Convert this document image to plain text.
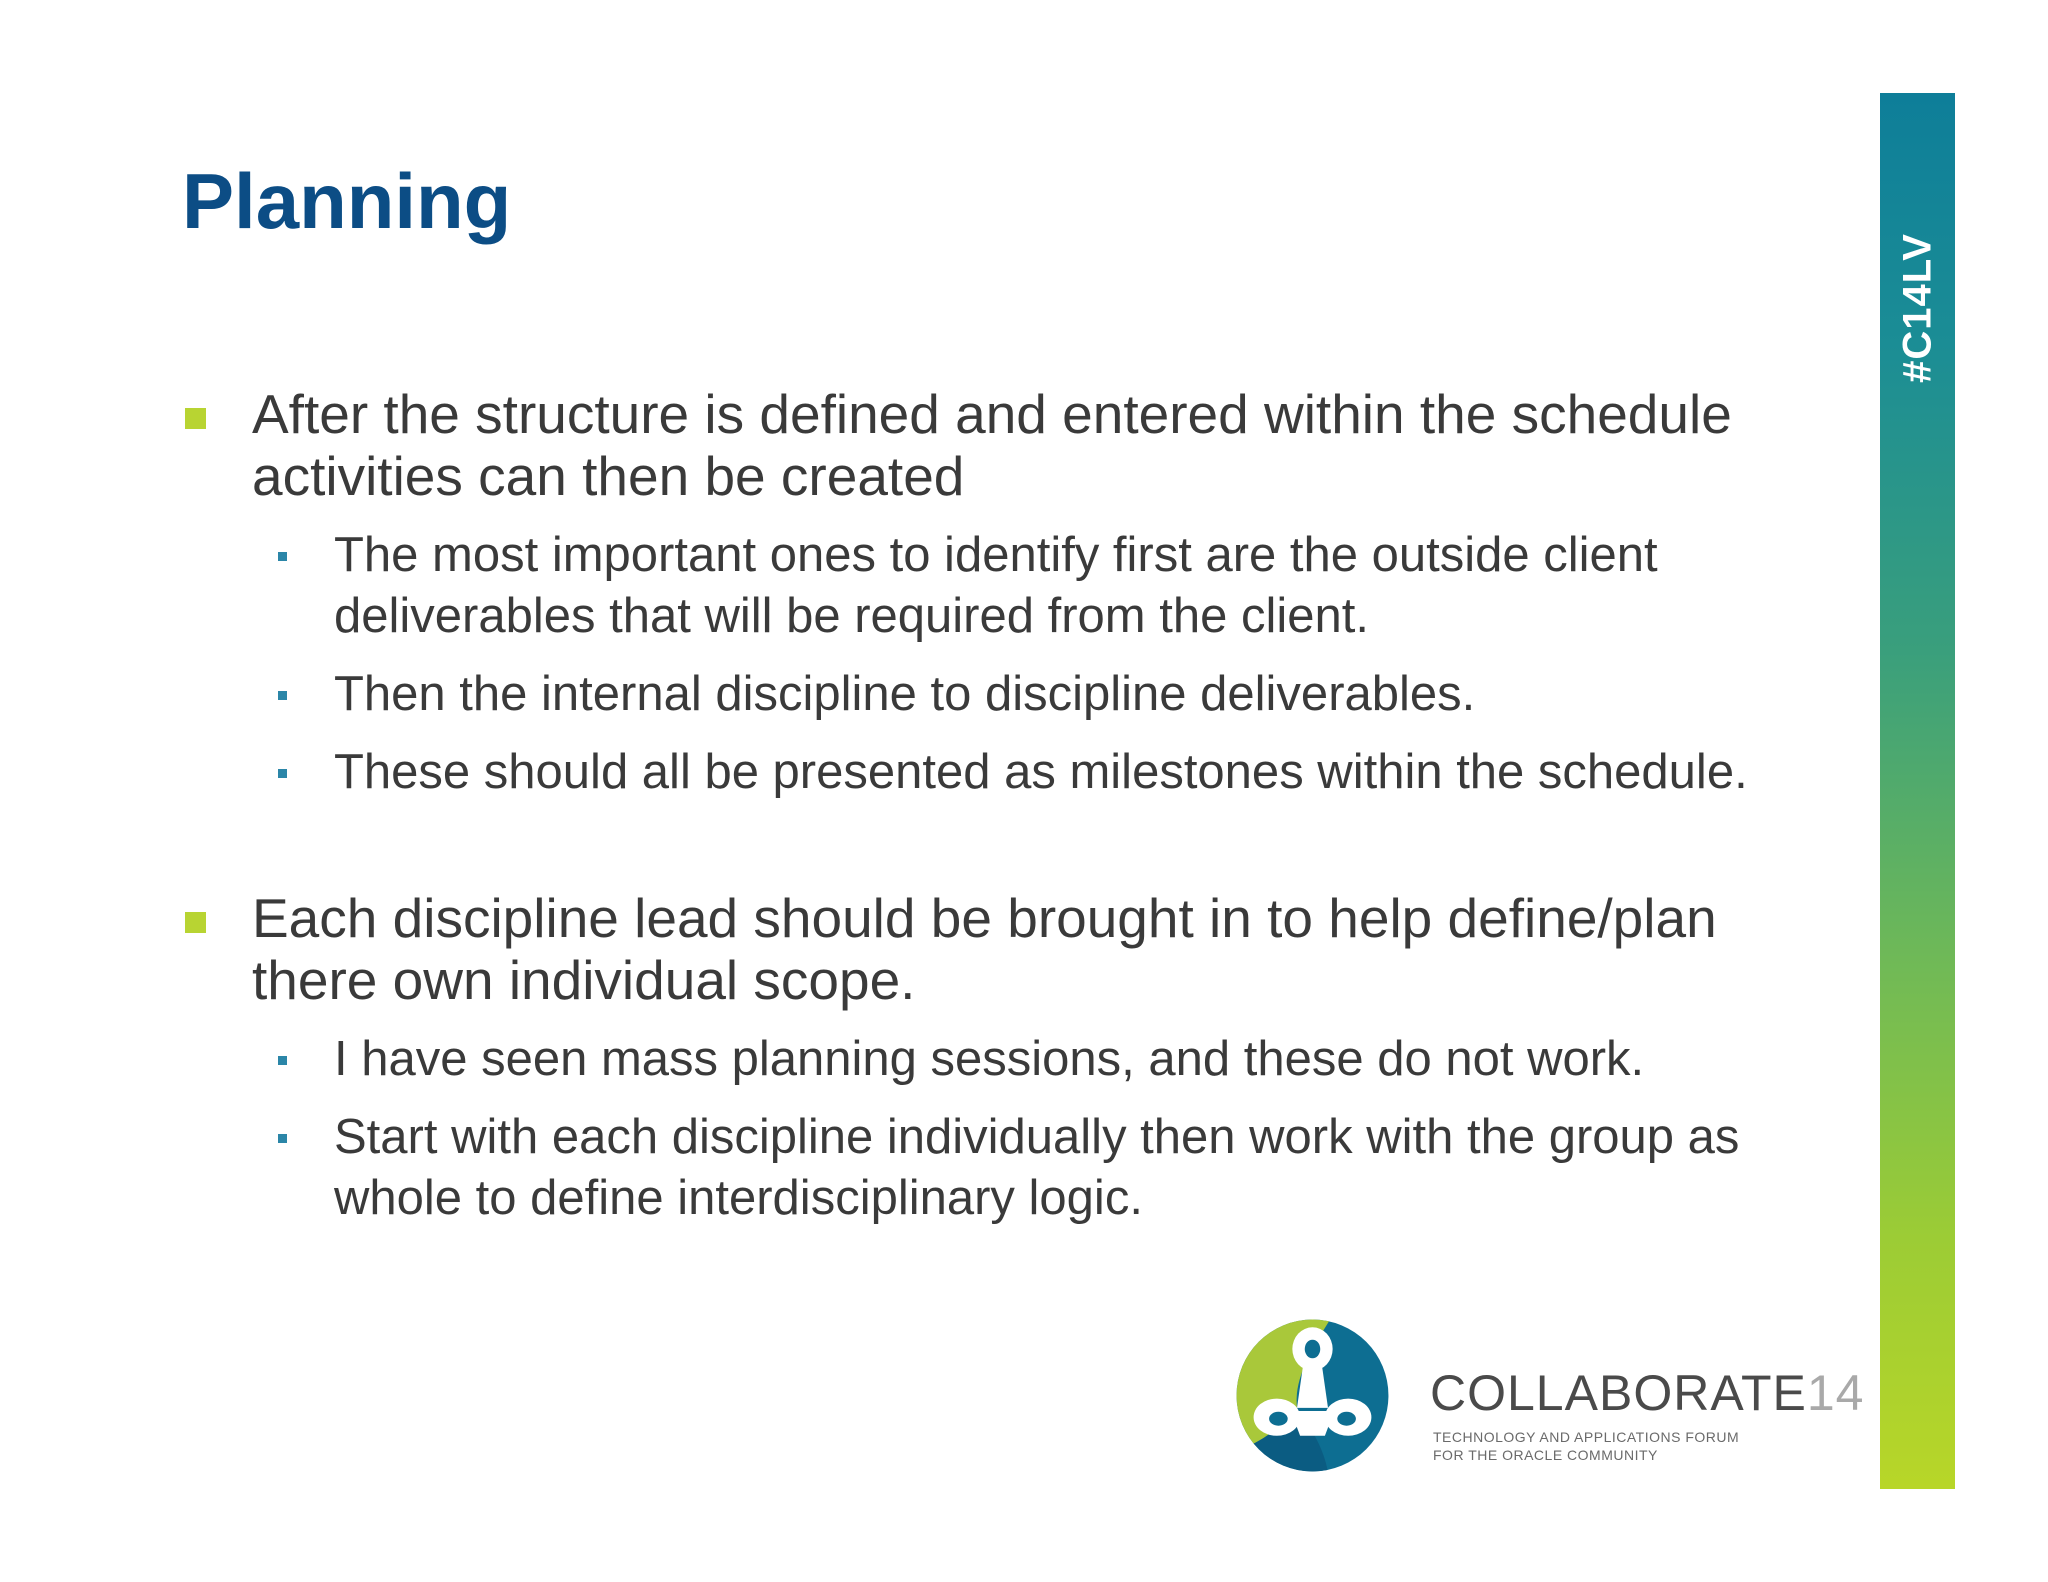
Planning
After the structure is defined and entered within the schedule activities can then be created
The most important ones to identify first are the outside client deliverables that will be required from the client.
Then the internal discipline to discipline deliverables.
These should all be presented as milestones within the schedule.
Each discipline lead should be brought in to help define/plan there own individual scope.
I have seen mass planning sessions, and these do not work.
Start with each discipline individually then work with the group as whole to define interdisciplinary logic.
#C14LV
13
COLLABORATE14
TECHNOLOGY AND APPLICATIONS FORUM
FOR THE ORACLE COMMUNITY
